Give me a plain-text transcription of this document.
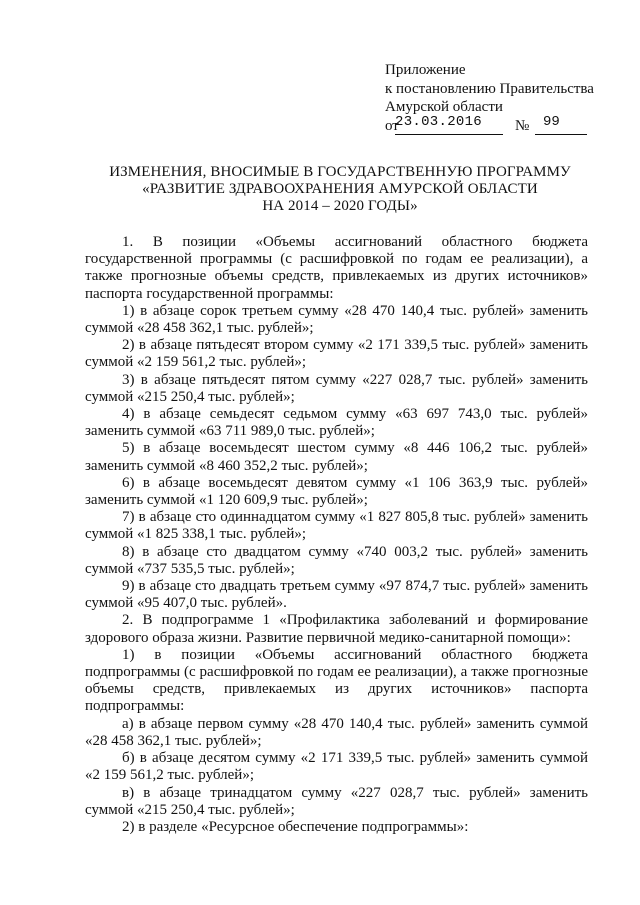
Приложение
к постановлению Правительства
Амурской области
от
23.03.2016 № 99
ИЗМЕНЕНИЯ, ВНОСИМЫЕ В ГОСУДАРСТВЕННУЮ ПРОГРАММУ
«РАЗВИТИЕ ЗДРАВООХРАНЕНИЯ АМУРСКОЙ ОБЛАСТИ
НА 2014 – 2020 ГОДЫ»

1. В позиции «Объемы ассигнований областного бюджета государственной программы (с расшифровкой по годам ее реализации), а также прогнозные объемы средств, привлекаемых из других источников» паспорта государственной программы:

1) в абзаце сорок третьем сумму «28 470 140,4 тыс. рублей» заменить суммой «28 458 362,1 тыс. рублей»;

2) в абзаце пятьдесят втором сумму «2 171 339,5 тыс. рублей» заменить суммой «2 159 561,2 тыс. рублей»;

3) в абзаце пятьдесят пятом сумму «227 028,7 тыс. рублей» заменить суммой «215 250,4 тыс. рублей»;

4) в абзаце семьдесят седьмом сумму «63 697 743,0 тыс. рублей» заменить суммой «63 711 989,0 тыс. рублей»;

5) в абзаце восемьдесят шестом сумму «8 446 106,2 тыс. рублей» заменить суммой «8 460 352,2 тыс. рублей»;

6) в абзаце восемьдесят девятом сумму «1 106 363,9 тыс. рублей» заменить суммой «1 120 609,9 тыс. рублей»;

7) в абзаце сто одиннадцатом сумму «1 827 805,8 тыс. рублей» заменить суммой «1 825 338,1 тыс. рублей»;

8) в абзаце сто двадцатом сумму «740 003,2 тыс. рублей» заменить суммой «737 535,5 тыс. рублей»;

9) в абзаце сто двадцать третьем сумму «97 874,7 тыс. рублей» заменить суммой «95 407,0 тыс. рублей».

2. В подпрограмме 1 «Профилактика заболеваний и формирование здорового образа жизни. Развитие первичной медико-санитарной помощи»:

1) в позиции «Объемы ассигнований областного бюджета подпрограммы (с расшифровкой по годам ее реализации), а также прогнозные объемы средств, привлекаемых из других источников» паспорта подпрограммы:

а) в абзаце первом сумму «28 470 140,4 тыс. рублей» заменить суммой «28 458 362,1 тыс. рублей»;

б) в абзаце десятом сумму «2 171 339,5 тыс. рублей» заменить суммой «2 159 561,2 тыс. рублей»;

в) в абзаце тринадцатом сумму «227 028,7 тыс. рублей» заменить суммой «215 250,4 тыс. рублей»;

2) в разделе «Ресурсное обеспечение подпрограммы»:
